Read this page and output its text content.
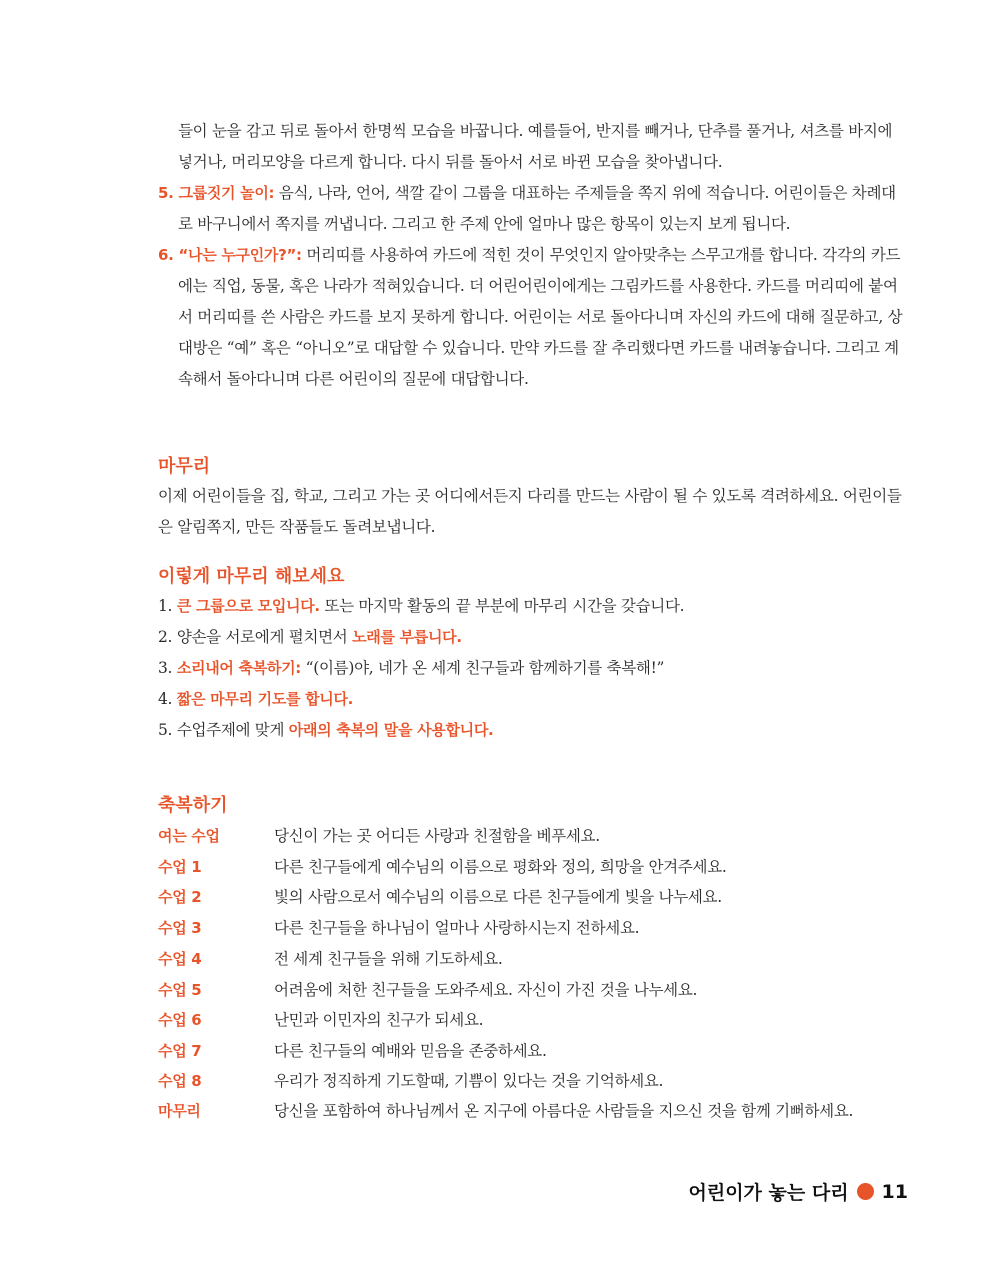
들이 눈을 감고 뒤로 돌아서 한명씩 모습을 바꿉니다. 예를들어, 반지를 빼거나, 단추를 풀거나, 셔츠를 바지에
넣거나, 머리모양을 다르게 합니다. 다시 뒤를 돌아서 서로 바뀐 모습을 찾아냅니다.
5. 그룹짓기 놀이: 음식, 나라, 언어, 색깔 같이 그룹을 대표하는 주제들을 쪽지 위에 적습니다. 어린이들은 차례대
로 바구니에서 쪽지를 꺼냅니다. 그리고 한 주제 안에 얼마나 많은 항목이 있는지 보게 됩니다.
6. “나는 누구인가?”: 머리띠를 사용하여 카드에 적힌 것이 무엇인지 알아맞추는 스무고개를 합니다. 각각의 카드
에는 직업, 동물, 혹은 나라가 적혀있습니다. 더 어린어린이에게는 그림카드를 사용한다. 카드를 머리띠에 붙여
서 머리띠를 쓴 사람은 카드를 보지 못하게 합니다. 어린이는 서로 돌아다니며 자신의 카드에 대해 질문하고, 상
대방은 “예” 혹은 “아니오”로 대답할 수 있습니다. 만약 카드를 잘 추리했다면 카드를 내려놓습니다. 그리고 계
속해서 돌아다니며 다른 어린이의 질문에 대답합니다.
마무리
이제 어린이들을 집, 학교, 그리고 가는 곳 어디에서든지 다리를 만드는 사람이 될 수 있도록 격려하세요. 어린이들
은 알림쪽지, 만든 작품들도 돌려보냅니다.
이렇게 마무리 해보세요
1. 큰 그룹으로 모입니다. 또는 마지막 활동의 끝 부분에 마무리 시간을 갖습니다.
2. 양손을 서로에게 펼치면서 노래를 부릅니다.
3. 소리내어 축복하기: “(이름)야, 네가 온 세계 친구들과 함께하기를 축복해!”
4. 짧은 마무리 기도를 합니다.
5. 수업주제에 맞게 아래의 축복의 말을 사용합니다.
축복하기
여는 수업	당신이 가는 곳 어디든 사랑과 친절함을 베푸세요.
수업 1	다른 친구들에게 예수님의 이름으로 평화와 정의, 희망을 안겨주세요.
수업 2	빛의 사람으로서 예수님의 이름으로 다른 친구들에게 빛을 나누세요.
수업 3	다른 친구들을 하나님이 얼마나 사랑하시는지 전하세요.
수업 4	전 세계 친구들을 위해 기도하세요.
수업 5	어려움에 처한 친구들을 도와주세요. 자신이 가진 것을 나누세요.
수업 6	난민과 이민자의 친구가 되세요.
수업 7	다른 친구들의 예배와 믿음을 존중하세요.
수업 8	우리가 정직하게 기도할때, 기쁨이 있다는 것을 기억하세요.
마무리	당신을 포함하여 하나님께서 온 지구에 아름다운 사람들을 지으신 것을 함께 기뻐하세요.
어린이가 놓는 다리 11
